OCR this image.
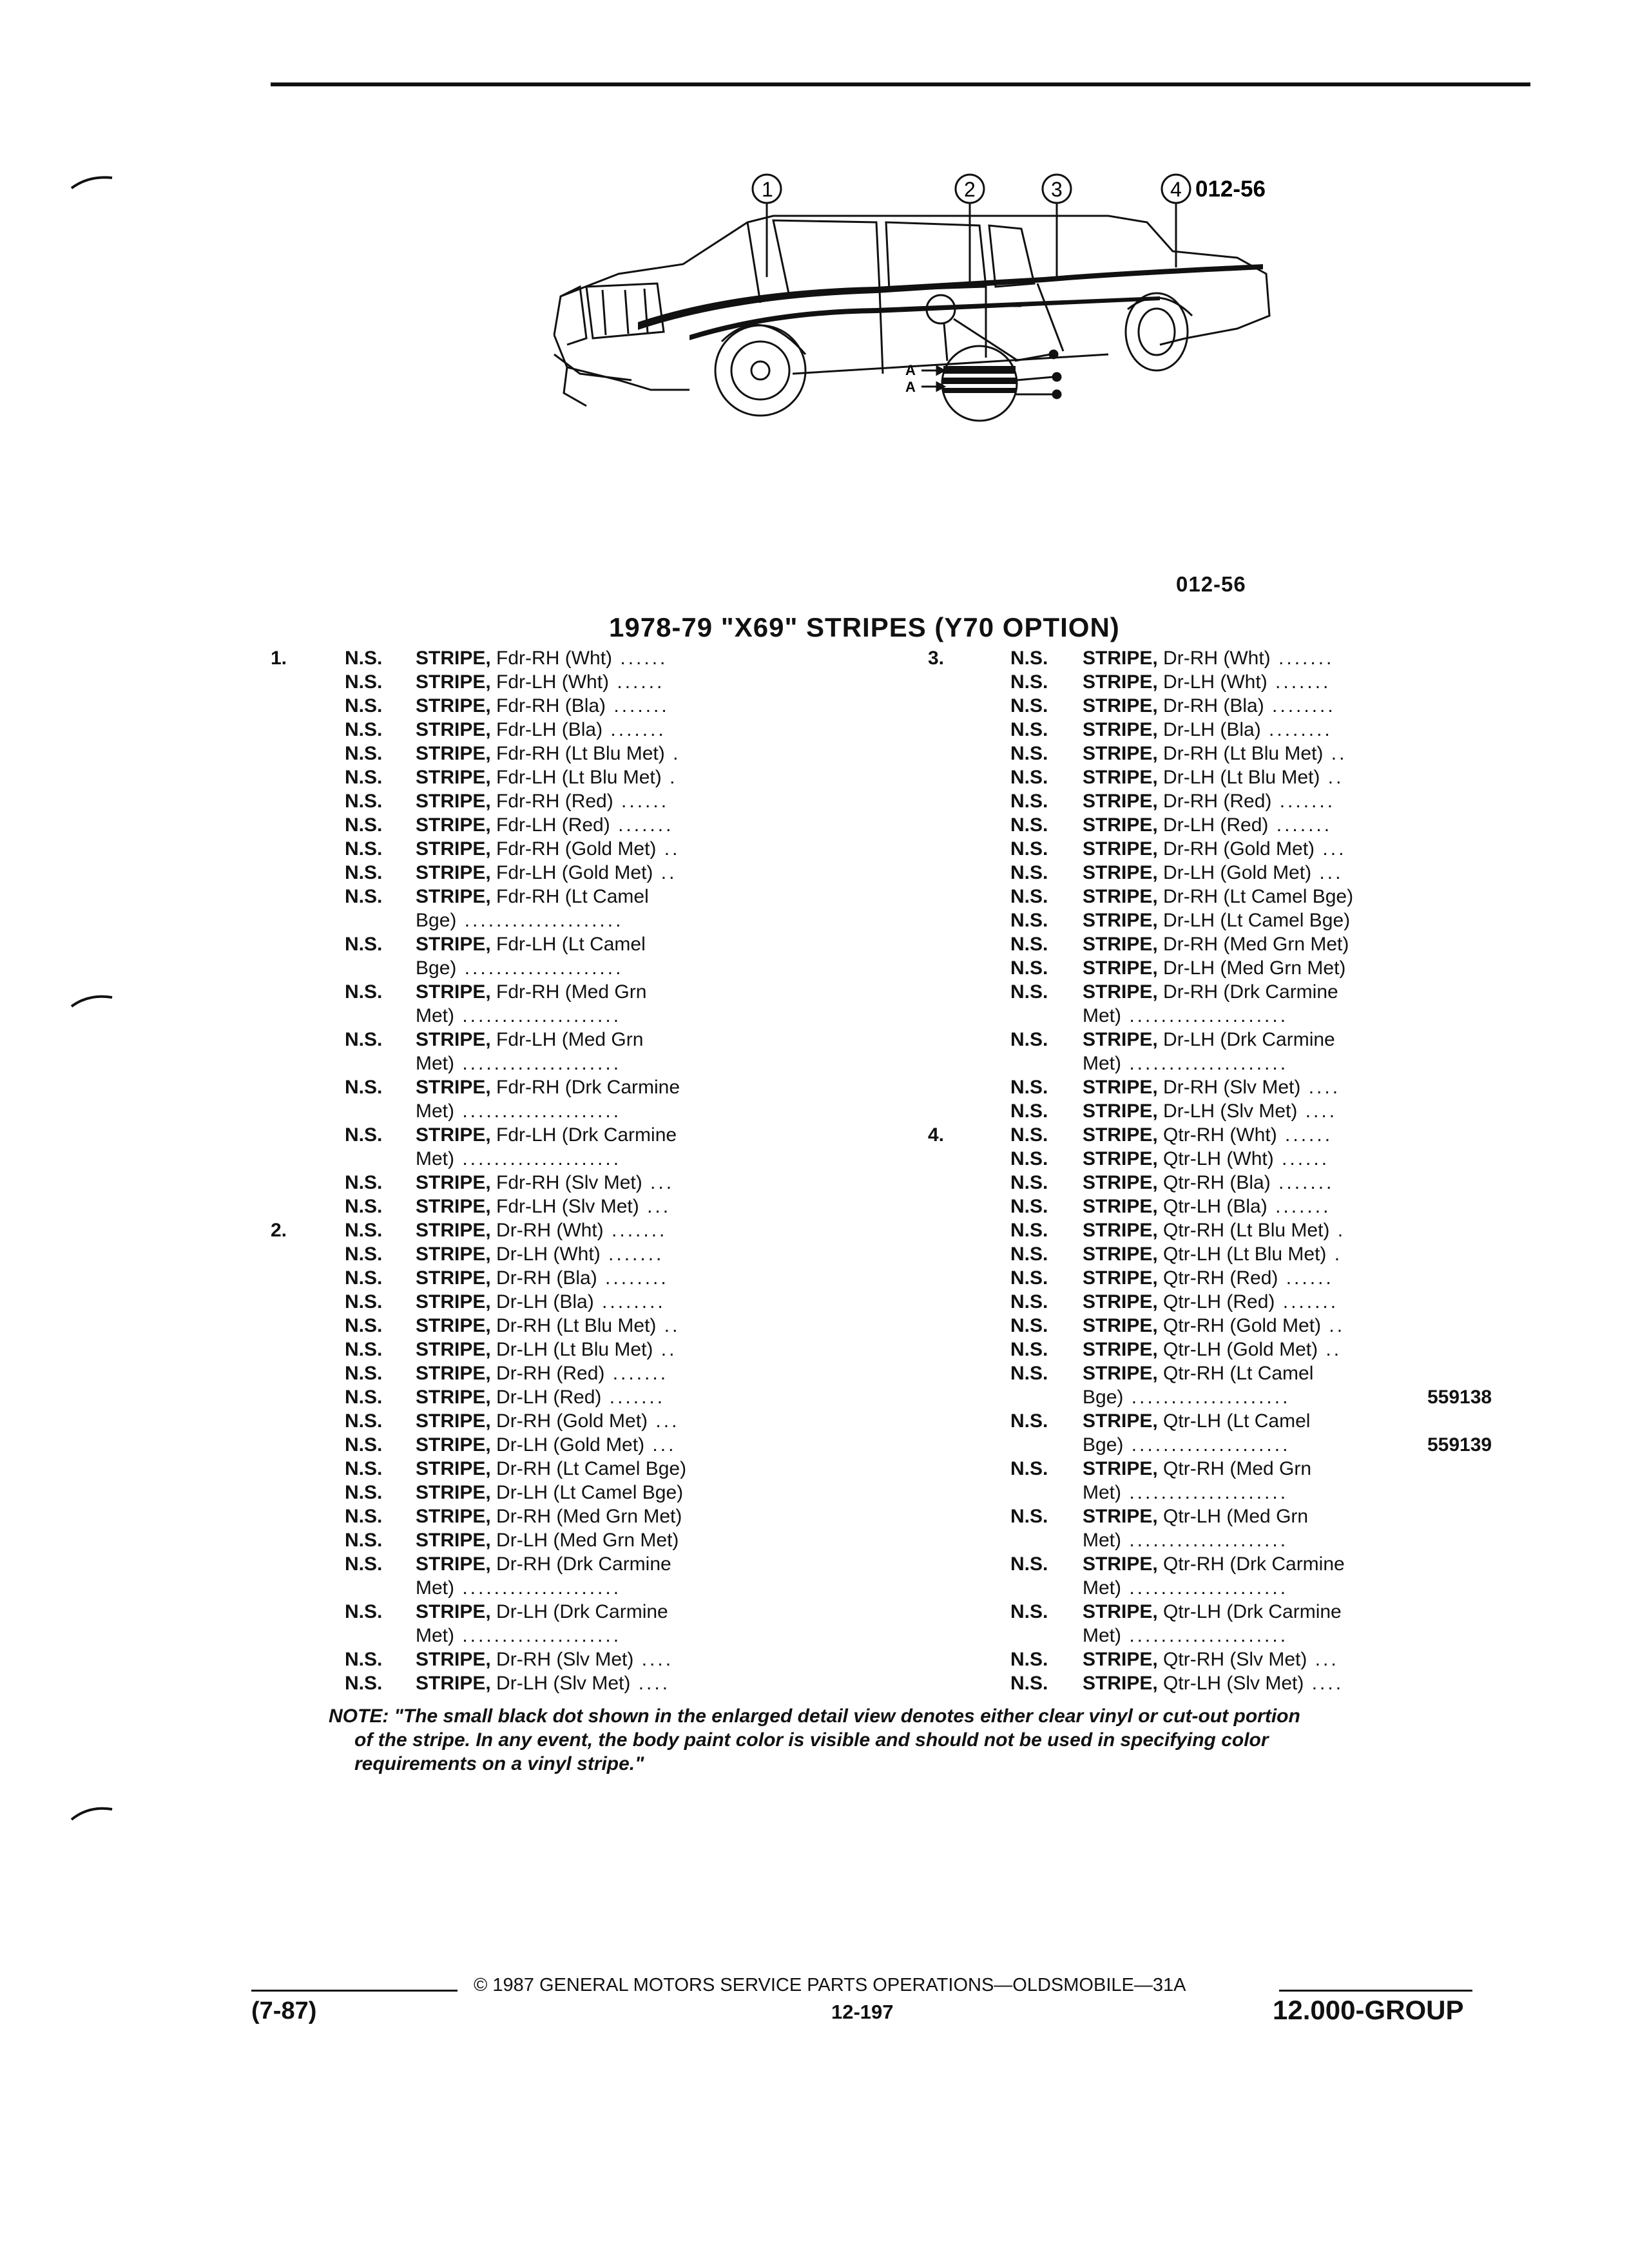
A
A
1	2	3	4 012-56
012-56
1978-79 "X69" STRIPES (Y70 OPTION)
1.	N.S. STRIPE, Fdr-RH (Wht) ......
N.S. STRIPE, Fdr-LH (Wht) ......
N.S. STRIPE, Fdr-RH (Bla) .......
N.S. STRIPE, Fdr-LH (Bla) .......
N.S. STRIPE, Fdr-RH (Lt Blu Met) .
N.S. STRIPE, Fdr-LH (Lt Blu Met) .
N.S. STRIPE, Fdr-RH (Red) ......
N.S. STRIPE, Fdr-LH (Red) .......
N.S. STRIPE, Fdr-RH (Gold Met) ..
N.S. STRIPE, Fdr-LH (Gold Met) ..
N.S. STRIPE, Fdr-RH (Lt Camel
Bge) ....................
N.S. STRIPE, Fdr-LH (Lt Camel
Bge) ....................
N.S. STRIPE, Fdr-RH (Med Grn
Met) ....................
N.S. STRIPE, Fdr-LH (Med Grn
Met) ....................
N.S. STRIPE, Fdr-RH (Drk Carmine
Met) ....................
N.S. STRIPE, Fdr-LH (Drk Carmine
Met) ....................
N.S. STRIPE, Fdr-RH (Slv Met) ...
N.S. STRIPE, Fdr-LH (Slv Met) ...
2.	N.S. STRIPE, Dr-RH (Wht) .......
N.S. STRIPE, Dr-LH (Wht) .......
N.S. STRIPE, Dr-RH (Bla) ........
N.S. STRIPE, Dr-LH (Bla) ........
N.S. STRIPE, Dr-RH (Lt Blu Met) ..
N.S. STRIPE, Dr-LH (Lt Blu Met) ..
N.S. STRIPE, Dr-RH (Red) .......
N.S. STRIPE, Dr-LH (Red) .......
N.S. STRIPE, Dr-RH (Gold Met) ...
N.S. STRIPE, Dr-LH (Gold Met) ...
N.S. STRIPE, Dr-RH (Lt Camel Bge)
N.S. STRIPE, Dr-LH (Lt Camel Bge)
N.S. STRIPE, Dr-RH (Med Grn Met)
N.S. STRIPE, Dr-LH (Med Grn Met)
N.S. STRIPE, Dr-RH (Drk Carmine
Met) ....................
N.S. STRIPE, Dr-LH (Drk Carmine
Met) ....................
N.S. STRIPE, Dr-RH (Slv Met) ....
N.S. STRIPE, Dr-LH (Slv Met) ....
3.	N.S. STRIPE, Dr-RH (Wht) .......
N.S. STRIPE, Dr-LH (Wht) .......
N.S. STRIPE, Dr-RH (Bla) ........
N.S. STRIPE, Dr-LH (Bla) ........
N.S. STRIPE, Dr-RH (Lt Blu Met) ..
N.S. STRIPE, Dr-LH (Lt Blu Met) ..
N.S. STRIPE, Dr-RH (Red) .......
N.S. STRIPE, Dr-LH (Red) .......
N.S. STRIPE, Dr-RH (Gold Met) ...
N.S. STRIPE, Dr-LH (Gold Met) ...
N.S. STRIPE, Dr-RH (Lt Camel Bge)
N.S. STRIPE, Dr-LH (Lt Camel Bge)
N.S. STRIPE, Dr-RH (Med Grn Met)
N.S. STRIPE, Dr-LH (Med Grn Met)
N.S. STRIPE, Dr-RH (Drk Carmine
Met) ....................
N.S. STRIPE, Dr-LH (Drk Carmine
Met) ....................
N.S. STRIPE, Dr-RH (Slv Met) ....
N.S. STRIPE, Dr-LH (Slv Met) ....
4.	N.S. STRIPE, Qtr-RH (Wht) ......
N.S. STRIPE, Qtr-LH (Wht) ......
N.S. STRIPE, Qtr-RH (Bla) .......
N.S. STRIPE, Qtr-LH (Bla) .......
N.S. STRIPE, Qtr-RH (Lt Blu Met) .
N.S. STRIPE, Qtr-LH (Lt Blu Met) .
N.S. STRIPE, Qtr-RH (Red) ......
N.S. STRIPE, Qtr-LH (Red) .......
N.S. STRIPE, Qtr-RH (Gold Met) ..
N.S. STRIPE, Qtr-LH (Gold Met) ..
N.S. STRIPE, Qtr-RH (Lt Camel
Bge) ....................	559138
N.S. STRIPE, Qtr-LH (Lt Camel
Bge) ....................	559139
N.S. STRIPE, Qtr-RH (Med Grn
Met) ....................
N.S. STRIPE, Qtr-LH (Med Grn
Met) ....................
N.S. STRIPE, Qtr-RH (Drk Carmine
Met) ....................
N.S. STRIPE, Qtr-LH (Drk Carmine
Met) ....................
N.S. STRIPE, Qtr-RH (Slv Met) ...
N.S. STRIPE, Qtr-LH (Slv Met) ....
NOTE: "The small black dot shown in the enlarged detail view denotes either clear vinyl or cut-out portion
of the stripe. In any event, the body paint color is visible and should not be used in specifying color
requirements on a vinyl stripe."
© 1987 GENERAL MOTORS SERVICE PARTS OPERATIONS—OLDSMOBILE—31A
(7-87)	12-197	12.000-GROUP
